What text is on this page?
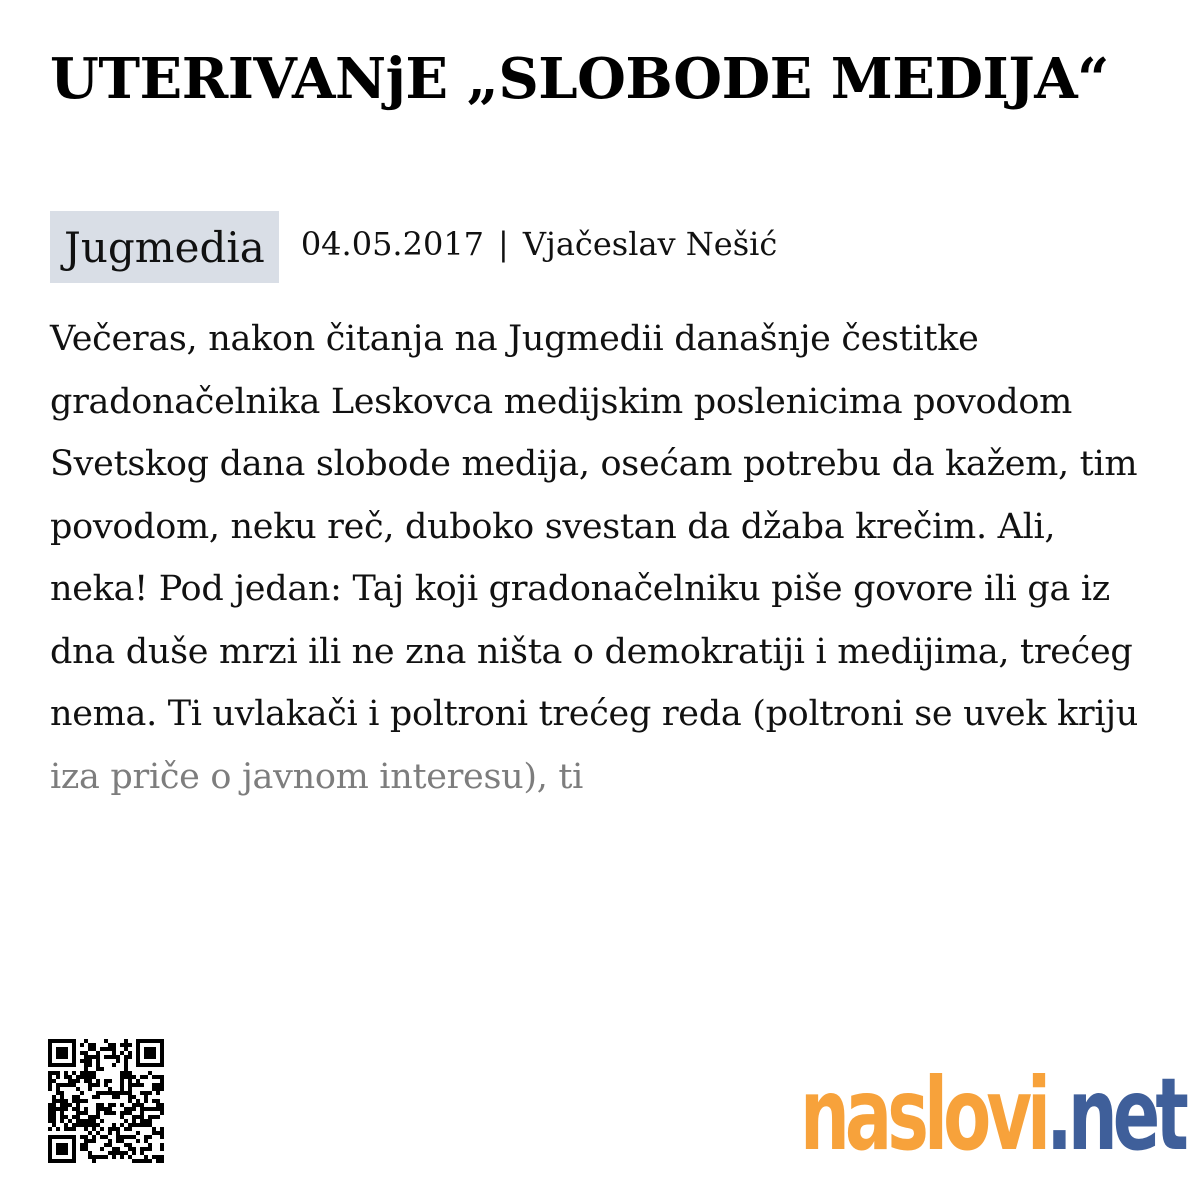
UTERIVANjE „SLOBODE MEDIJA“
Jugmedia	04.05.2017 | Vjačeslav Nešić

Večeras, nakon čitanja na Jugmedii današnje čestitke gradonačelnika Leskovca medijskim poslenicima povodom Svetskog dana slobode medija, osećam potrebu da kažem, tim povodom, neku reč, duboko svestan da džaba krečim. Ali, neka! Pod jedan: Taj koji gradonačelniku piše govore ili ga iz dna duše mrzi ili ne zna ništa o demokratiji i medijima, trećeg nema. Ti uvlakači i poltroni trećeg reda (poltroni se uvek kriju iza priče o javnom interesu), ti

naslovi.net
